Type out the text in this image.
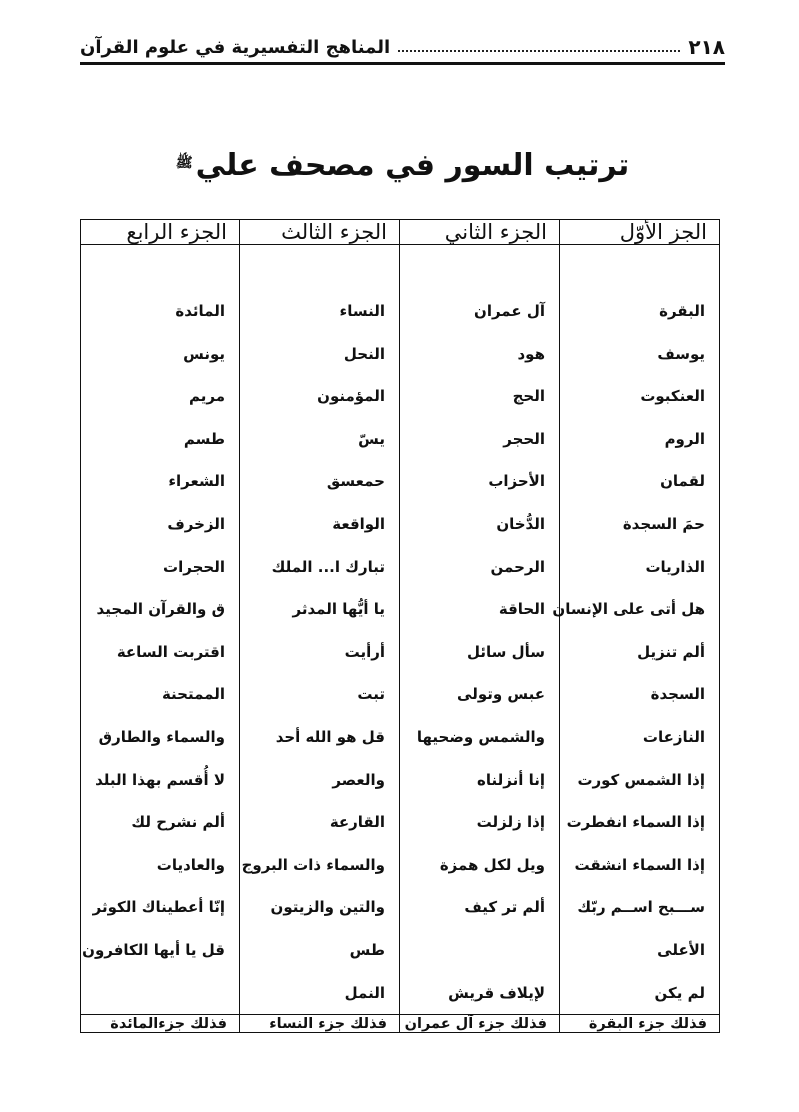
٢١٨
المناهج التفسيرية في علوم القرآن
ترتيب السور في مصحف علي$^ﷺ$
الجز الأوّل
الجزء الثاني
الجزء الثالث
الجزء الرابع
البقرة
يوسف
العنكبوت
الروم
لقمان
حمَ السجدة
الذاريات
هل أتى على الإنسان
ألم تنزيل
السجدة
النازعات
إذا الشمس كورت
إذا السماء انفطرت
إذا السماء انشقت
ســـبح اســم ربّك
الأعلى
لم يكن
آل عمران
هود
الحج
الحجر
الأحزاب
الدُّخان
الرحمن
الحاقة
سأل سائل
عبس وتولى
والشمس وضحيها
إنا أنزلناه
إذا زلزلت
ويل لكل همزة
ألم تر كيف
لإيلاف قريش
النساء
النحل
المؤمنون
يسّ
حمعسق
الواقعة
تبارك ا... الملك
يا أيُّها المدثر
أرأيت
تبت
قل هو الله أحد
والعصر
القارعة
والسماء ذات البروج
والتين والزيتون
طس
النمل
المائدة
يونس
مريم
طسم
الشعراء
الزخرف
الحجرات
ق والقرآن المجيد
اقتربت الساعة
الممتحنة
والسماء والطارق
لا أُقسم بهذا البلد
ألم نشرح لك
والعاديات
إنّا أعطيناك الكوثر
قل يا أيها الكافرون
فذلك جزء البقرة
فذلك جزء آل عمران
فذلك جزء النساء
فذلك جزءالمائدة
